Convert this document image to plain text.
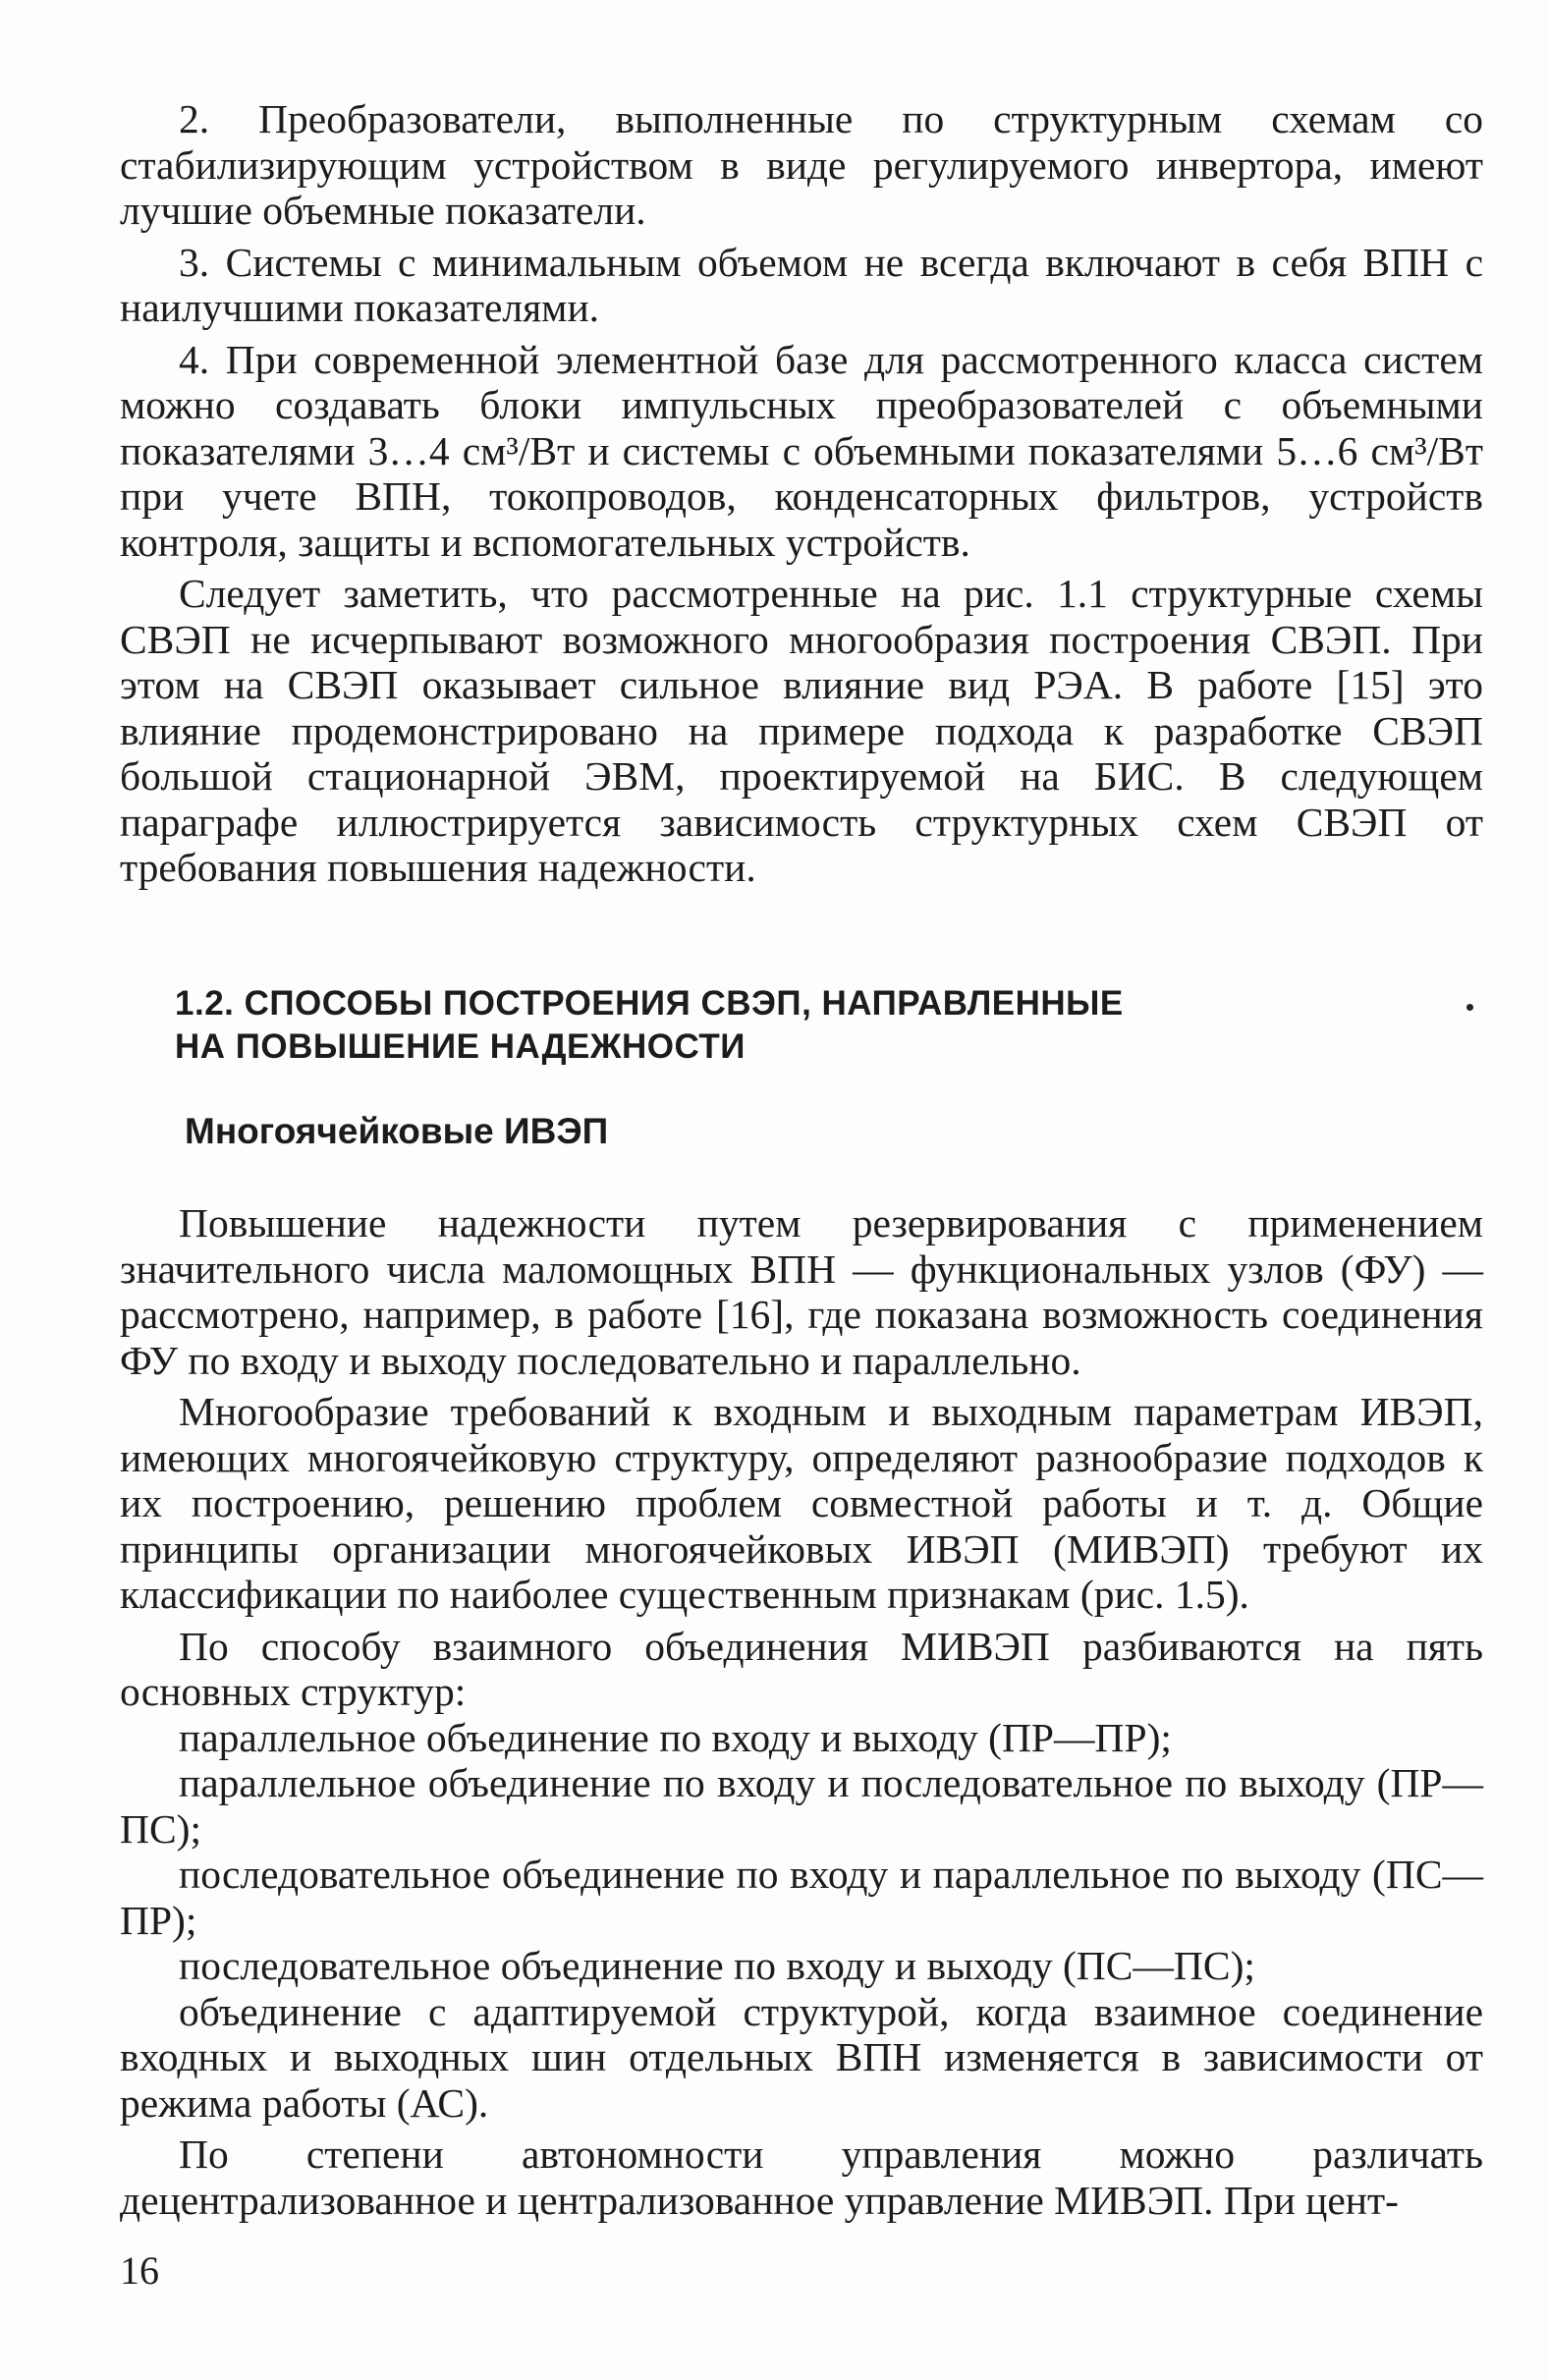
2. Преобразователи, выполненные по структурным схемам со стабилизирующим устройством в виде регулируемого инвертора, имеют лучшие объемные показатели.

3. Системы с минимальным объемом не всегда включают в себя ВПН с наилучшими показателями.

4. При современной элементной базе для рассмотренного класса систем можно создавать блоки импульсных преобразователей с объемными показателями 3…4 см³/Вт и системы с объемными показателями 5…6 см³/Вт при учете ВПН, токопроводов, конденсаторных фильтров, устройств контроля, защиты и вспомогательных устройств.

Следует заметить, что рассмотренные на рис. 1.1 структурные схемы СВЭП не исчерпывают возможного многообразия построения СВЭП. При этом на СВЭП оказывает сильное влияние вид РЭА. В работе [15] это влияние продемонстрировано на примере подхода к разработке СВЭП большой стационарной ЭВМ, проектируемой на БИС. В следующем параграфе иллюстрируется зависимость структурных схем СВЭП от требования повышения надежности.

1.2. СПОСОБЫ ПОСТРОЕНИЯ СВЭП, НАПРАВЛЕННЫЕ
НА ПОВЫШЕНИЕ НАДЕЖНОСТИ
Многоячейковые ИВЭП

Повышение надежности путем резервирования с применением значительного числа маломощных ВПН — функциональных узлов (ФУ) — рассмотрено, например, в работе [16], где показана возможность соединения ФУ по входу и выходу последовательно и параллельно.

Многообразие требований к входным и выходным параметрам ИВЭП, имеющих многоячейковую структуру, определяют разнообразие подходов к их построению, решению проблем совместной работы и т. д. Общие принципы организации многоячейковых ИВЭП (МИВЭП) требуют их классификации по наиболее существенным признакам (рис. 1.5).

По способу взаимного объединения МИВЭП разбиваются на пять основных структур:

параллельное объединение по входу и выходу (ПР—ПР);

параллельное объединение по входу и последовательное по выходу (ПР—ПС);

последовательное объединение по входу и параллельное по выходу (ПС—ПР);

последовательное объединение по входу и выходу (ПС—ПС);

объединение с адаптируемой структурой, когда взаимное соединение входных и выходных шин отдельных ВПН изменяется в зависимости от режима работы (АС).

По степени автономности управления можно различать децентрализованное и централизованное управление МИВЭП. При цент-

16
